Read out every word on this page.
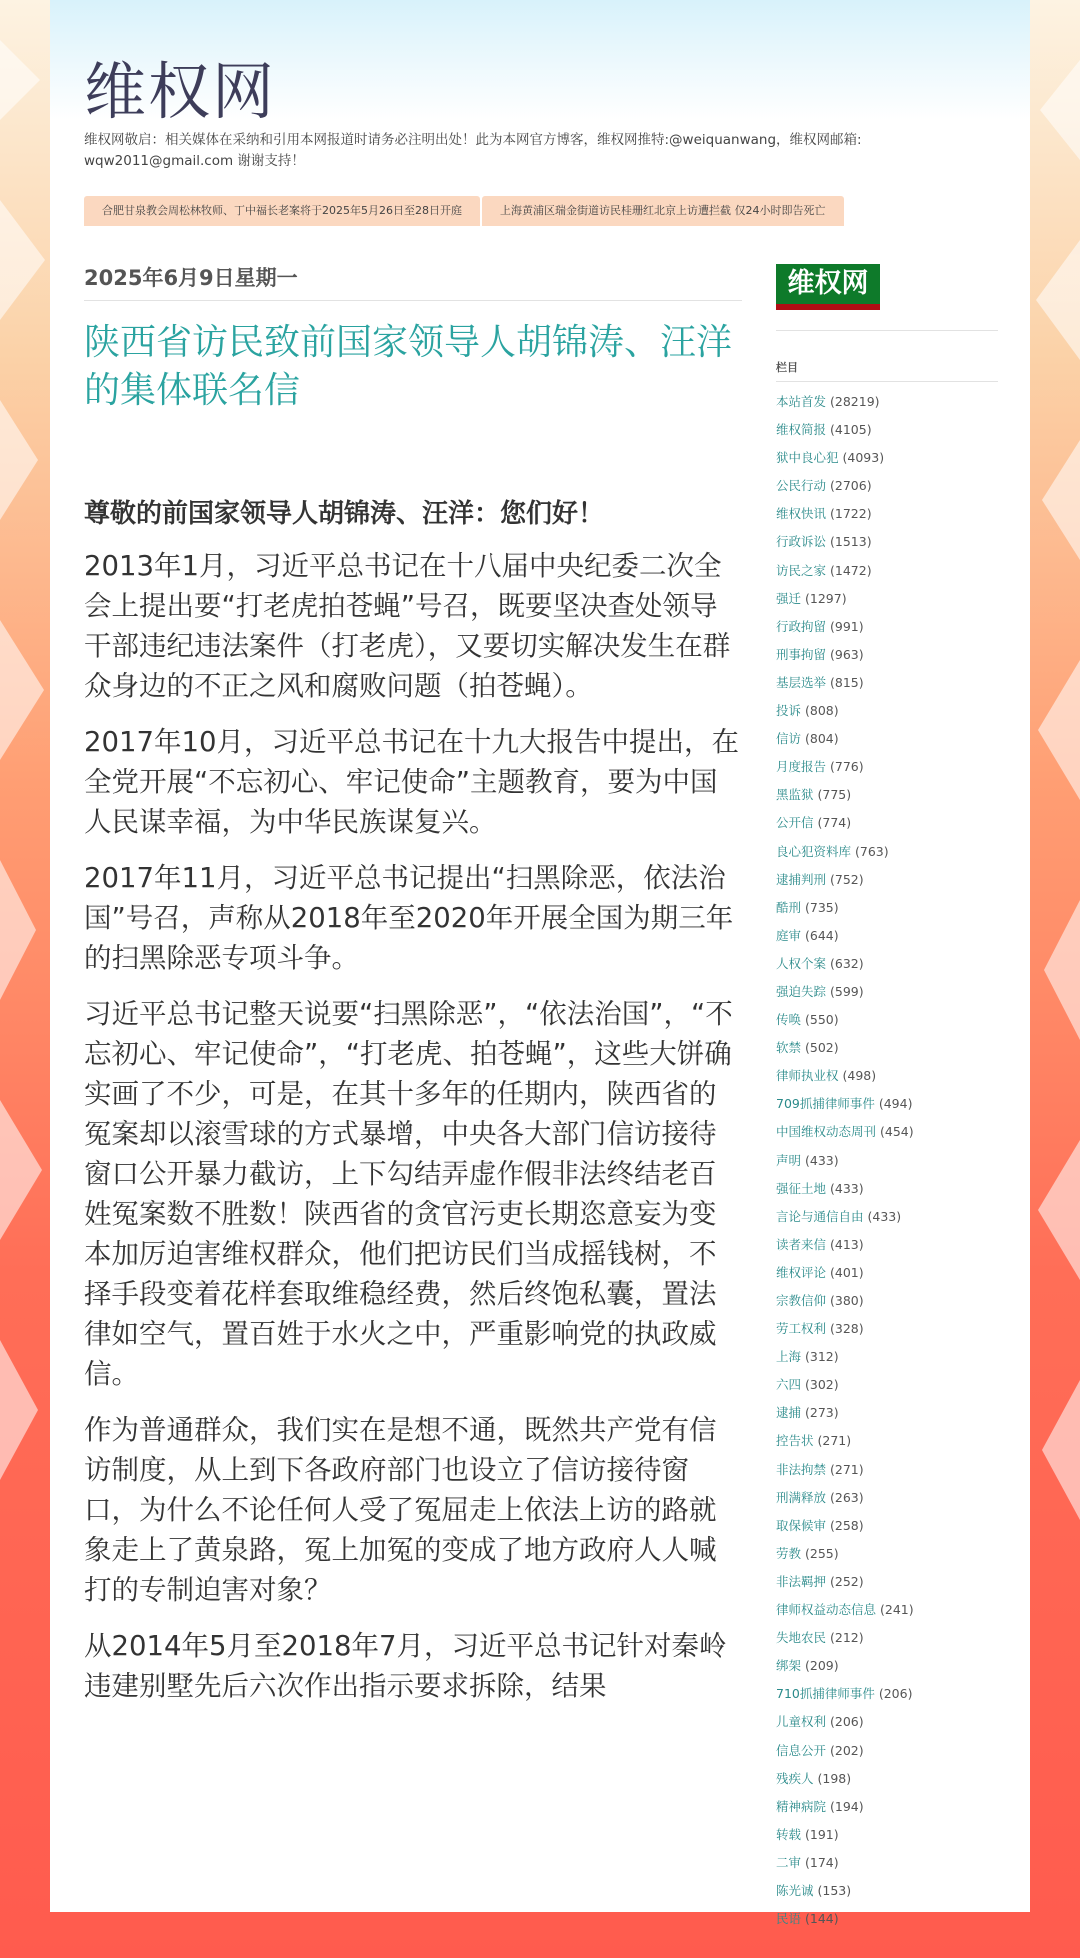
维权网
维权网敬启：相关媒体在采纳和引用本网报道时请务必注明出处！此为本网官方博客，维权网推特:@weiquanwang，维权网邮箱: wqw2011@gmail.com 谢谢支持！
合肥甘泉教会周松林牧师、丁中福长老案将于2025年5月26日至28日开庭	上海黄浦区瑞金街道访民桂珊红北京上访遭拦截 仅24小时即告死亡
2025年6月9日星期一
陕西省访民致前国家领导人胡锦涛、汪洋的集体联名信
尊敬的前国家领导人胡锦涛、汪洋：您们好！
2013年1月，习近平总书记在十八届中央纪委二次全会上提出要“打老虎拍苍蝇”号召，既要坚决查处领导干部违纪违法案件（打老虎），又要切实解决发生在群众身边的不正之风和腐败问题（拍苍蝇）。
2017年10月，习近平总书记在十九大报告中提出，在全党开展“不忘初心、牢记使命”主题教育，要为中国人民谋幸福，为中华民族谋复兴。
2017年11月，习近平总书记提出“扫黑除恶，依法治国”号召，声称从2018年至2020年开展全国为期三年的扫黑除恶专项斗争。
习近平总书记整天说要“扫黑除恶”，“依法治国”，“不忘初心、牢记使命”，“打老虎、拍苍蝇”，这些大饼确实画了不少，可是，在其十多年的任期内，陕西省的冤案却以滚雪球的方式暴增，中央各大部门信访接待窗口公开暴力截访，上下勾结弄虚作假非法终结老百姓冤案数不胜数！陕西省的贪官污吏长期恣意妄为变本加厉迫害维权群众，他们把访民们当成摇钱树，不择手段变着花样套取维稳经费，然后终饱私囊，置法律如空气，置百姓于水火之中，严重影响党的执政威信。
作为普通群众，我们实在是想不通，既然共产党有信访制度，从上到下各政府部门也设立了信访接待窗口，为什么不论任何人受了冤屈走上依法上访的路就象走上了黄泉路，冤上加冤的变成了地方政府人人喊打的专制迫害对象？
从2014年5月至2018年7月，习近平总书记针对秦岭违建别墅先后六次作出指示要求拆除，结果
维权网
栏目
本站首发 (28219)
维权简报 (4105)
狱中良心犯 (4093)
公民行动 (2706)
维权快讯 (1722)
行政诉讼 (1513)
访民之家 (1472)
强迁 (1297)
行政拘留 (991)
刑事拘留 (963)
基层选举 (815)
投诉 (808)
信访 (804)
月度报告 (776)
黑监狱 (775)
公开信 (774)
良心犯资料库 (763)
逮捕判刑 (752)
酷刑 (735)
庭审 (644)
人权个案 (632)
强迫失踪 (599)
传唤 (550)
软禁 (502)
律师执业权 (498)
709抓捕律师事件 (494)
中国维权动态周刊 (454)
声明 (433)
强征土地 (433)
言论与通信自由 (433)
读者来信 (413)
维权评论 (401)
宗教信仰 (380)
劳工权利 (328)
上海 (312)
六四 (302)
逮捕 (273)
控告状 (271)
非法拘禁 (271)
刑满释放 (263)
取保候审 (258)
劳教 (255)
非法羁押 (252)
律师权益动态信息 (241)
失地农民 (212)
绑架 (209)
710抓捕律师事件 (206)
儿童权利 (206)
信息公开 (202)
残疾人 (198)
精神病院 (194)
转载 (191)
二审 (174)
陈光诚 (153)
民语 (144)
